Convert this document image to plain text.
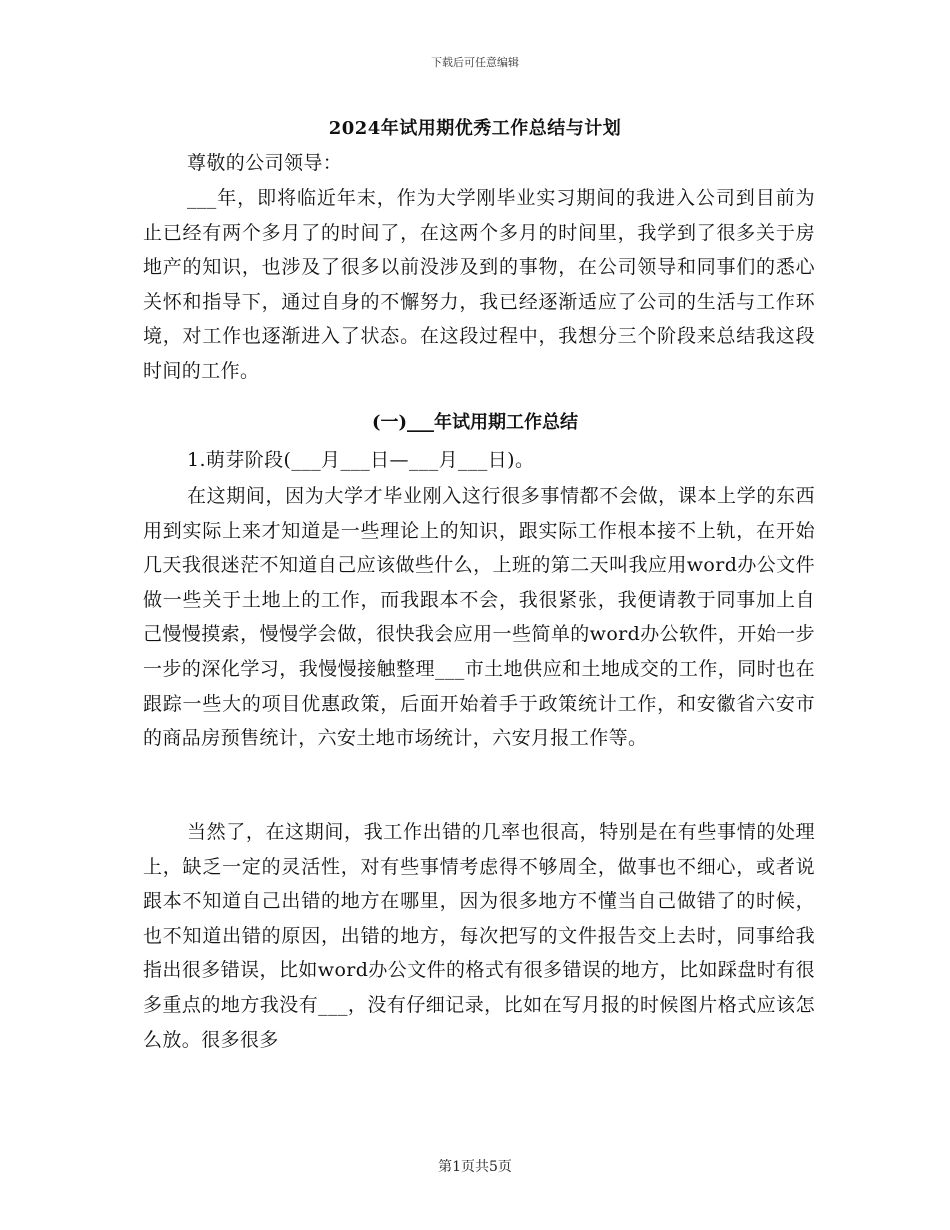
下载后可任意编辑
2024年试用期优秀工作总结与计划

尊敬的公司领导：

___年，即将临近年末，作为大学刚毕业实习期间的我进入公司到目前为止已经有两个多月了的时间了，在这两个多月的时间里，我学到了很多关于房地产的知识，也涉及了很多以前没涉及到的事物，在公司领导和同事们的悉心关怀和指导下，通过自身的不懈努力，我已经逐渐适应了公司的生活与工作环境，对工作也逐渐进入了状态。在这段过程中，我想分三个阶段来总结我这段时间的工作。

(一)___年试用期工作总结

1.萌芽阶段(___月___日—___月___日)。

在这期间，因为大学才毕业刚入这行很多事情都不会做，课本上学的东西用到实际上来才知道是一些理论上的知识，跟实际工作根本接不上轨，在开始几天我很迷茫不知道自己应该做些什么，上班的第二天叫我应用word办公文件做一些关于土地上的工作，而我跟本不会，我很紧张，我便请教于同事加上自己慢慢摸索，慢慢学会做，很快我会应用一些简单的word办公软件，开始一步一步的深化学习，我慢慢接触整理___市土地供应和土地成交的工作，同时也在跟踪一些大的项目优惠政策，后面开始着手于政策统计工作，和安徽省六安市的商品房预售统计，六安土地市场统计，六安月报工作等。

当然了，在这期间，我工作出错的几率也很高，特别是在有些事情的处理上，缺乏一定的灵活性，对有些事情考虑得不够周全，做事也不细心，或者说跟本不知道自己出错的地方在哪里，因为很多地方不懂当自己做错了的时候，也不知道出错的原因，出错的地方，每次把写的文件报告交上去时，同事给我指出很多错误，比如word办公文件的格式有很多错误的地方，比如踩盘时有很多重点的地方我没有___，没有仔细记录，比如在写月报的时候图片格式应该怎么放。很多很多

第1页共5页
